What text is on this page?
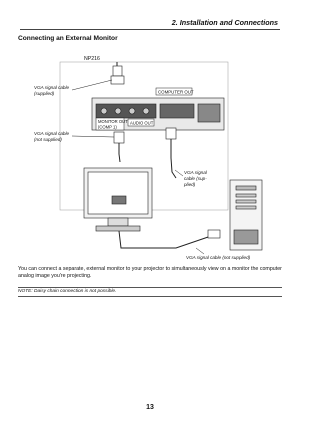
2. Installation and Connections
Connecting an External Monitor
NP216
COMPUTER OUT
MONITOR OUT
(COMP 1)
AUDIO OUT
VGA signal cable
(supplied)
VGA signal cable
(not supplied)
VGA signal
cable (sup-
plied)
VGA signal cable (not supplied)
You can connect a separate, external monitor to your projector to simultaneously view on a monitor the computer
analog image you're projecting.
NOTE: Daisy chain connection is not possible.
13
